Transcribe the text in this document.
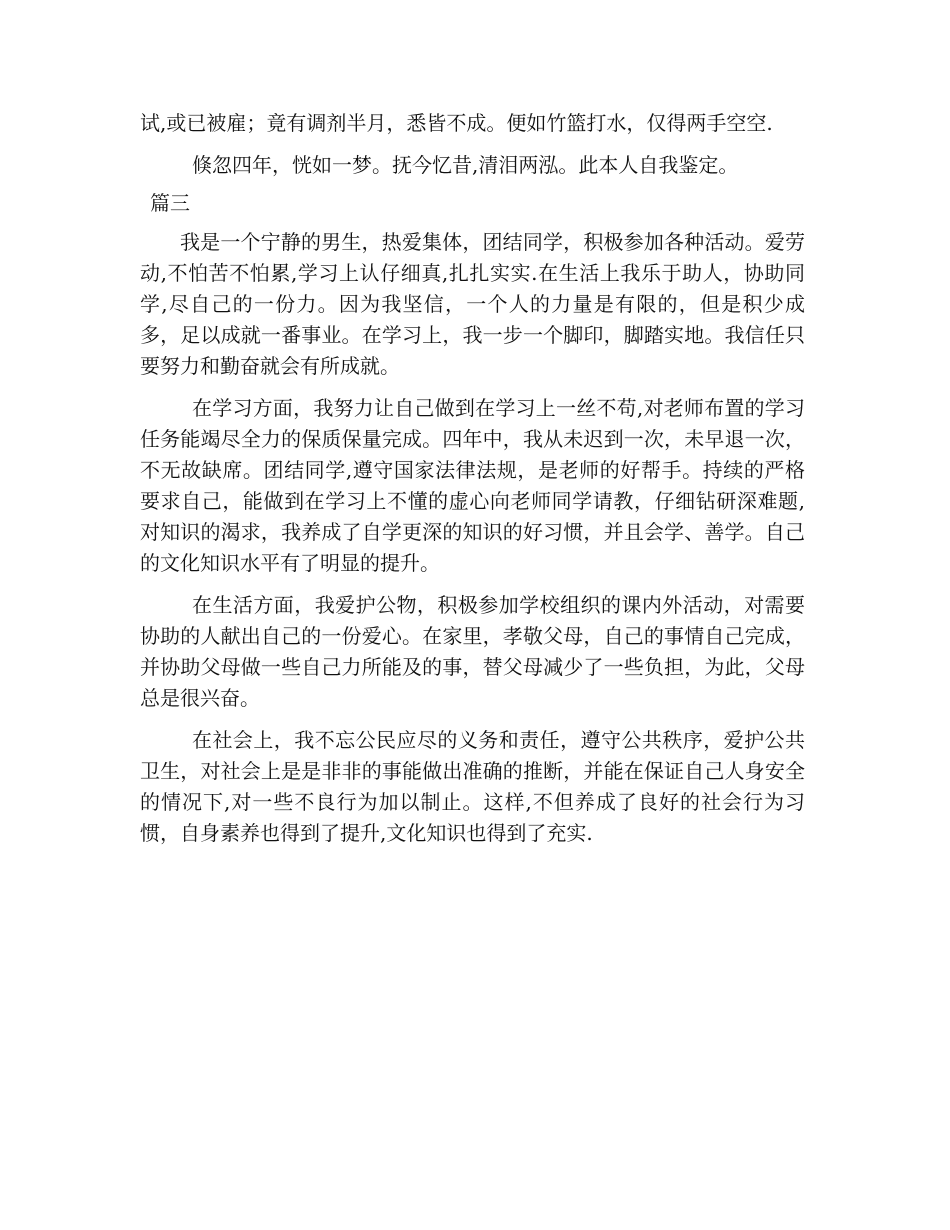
试,或已被雇；竟有调剂半月，悉皆不成。便如竹篮打水，仅得两手空空.

倏忽四年，恍如一梦。抚今忆昔,清泪两泓。此本人自我鉴定。

篇三

我是一个宁静的男生，热爱集体，团结同学，积极参加各种活动。爱劳动,不怕苦不怕累,学习上认仔细真,扎扎实实.在生活上我乐于助人，协助同学,尽自己的一份力。因为我坚信，一个人的力量是有限的，但是积少成多，足以成就一番事业。在学习上，我一步一个脚印，脚踏实地。我信任只要努力和勤奋就会有所成就。

在学习方面，我努力让自己做到在学习上一丝不苟,对老师布置的学习任务能竭尽全力的保质保量完成。四年中，我从未迟到一次，未早退一次，不无故缺席。团结同学,遵守国家法律法规，是老师的好帮手。持续的严格要求自己，能做到在学习上不懂的虚心向老师同学请教，仔细钻研深难题,对知识的渴求，我养成了自学更深的知识的好习惯，并且会学、善学。自己的文化知识水平有了明显的提升。

在生活方面，我爱护公物，积极参加学校组织的课内外活动，对需要协助的人献出自己的一份爱心。在家里，孝敬父母，自己的事情自己完成，并协助父母做一些自己力所能及的事，替父母减少了一些负担，为此，父母总是很兴奋。

在社会上，我不忘公民应尽的义务和责任，遵守公共秩序，爱护公共卫生，对社会上是是非非的事能做出准确的推断，并能在保证自己人身安全的情况下,对一些不良行为加以制止。这样,不但养成了良好的社会行为习惯，自身素养也得到了提升,文化知识也得到了充实.
